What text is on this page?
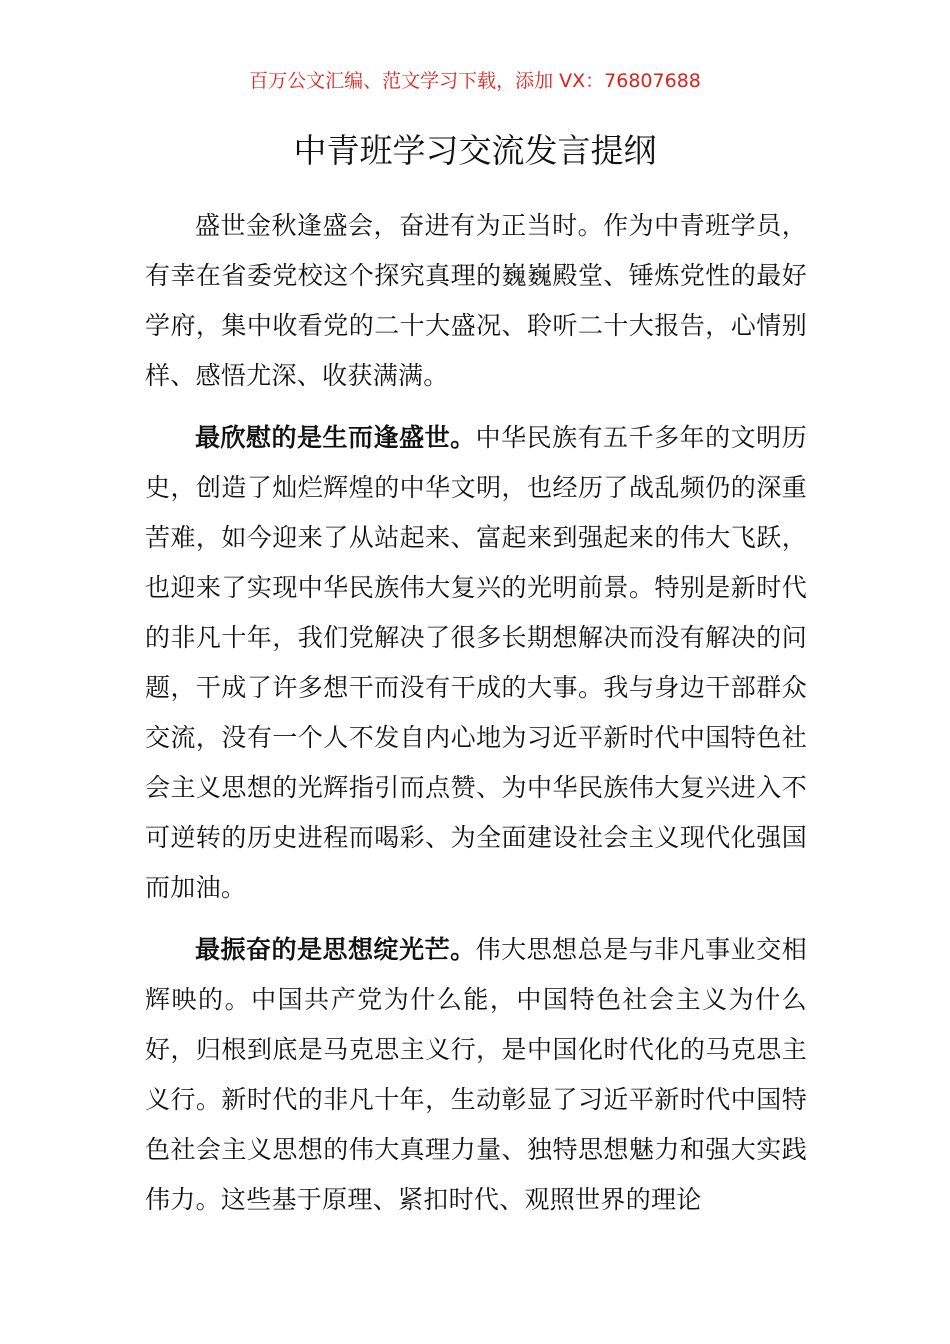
百万公文汇编、范文学习下载，添加 VX：76807688
中青班学习交流发言提纲

盛世金秋逢盛会，奋进有为正当时。作为中青班学员，有幸在省委党校这个探究真理的巍巍殿堂、锤炼党性的最好学府，集中收看党的二十大盛况、聆听二十大报告，心情别样、感悟尤深、收获满满。

最欣慰的是生而逢盛世。中华民族有五千多年的文明历史，创造了灿烂辉煌的中华文明，也经历了战乱频仍的深重苦难，如今迎来了从站起来、富起来到强起来的伟大飞跃，也迎来了实现中华民族伟大复兴的光明前景。特别是新时代的非凡十年，我们党解决了很多长期想解决而没有解决的问题，干成了许多想干而没有干成的大事。我与身边干部群众交流，没有一个人不发自内心地为习近平新时代中国特色社会主义思想的光辉指引而点赞、为中华民族伟大复兴进入不可逆转的历史进程而喝彩、为全面建设社会主义现代化强国而加油。

最振奋的是思想绽光芒。伟大思想总是与非凡事业交相辉映的。中国共产党为什么能，中国特色社会主义为什么好，归根到底是马克思主义行，是中国化时代化的马克思主义行。新时代的非凡十年，生动彰显了习近平新时代中国特色社会主义思想的伟大真理力量、独特思想魅力和强大实践伟力。这些基于原理、紧扣时代、观照世界的理论
